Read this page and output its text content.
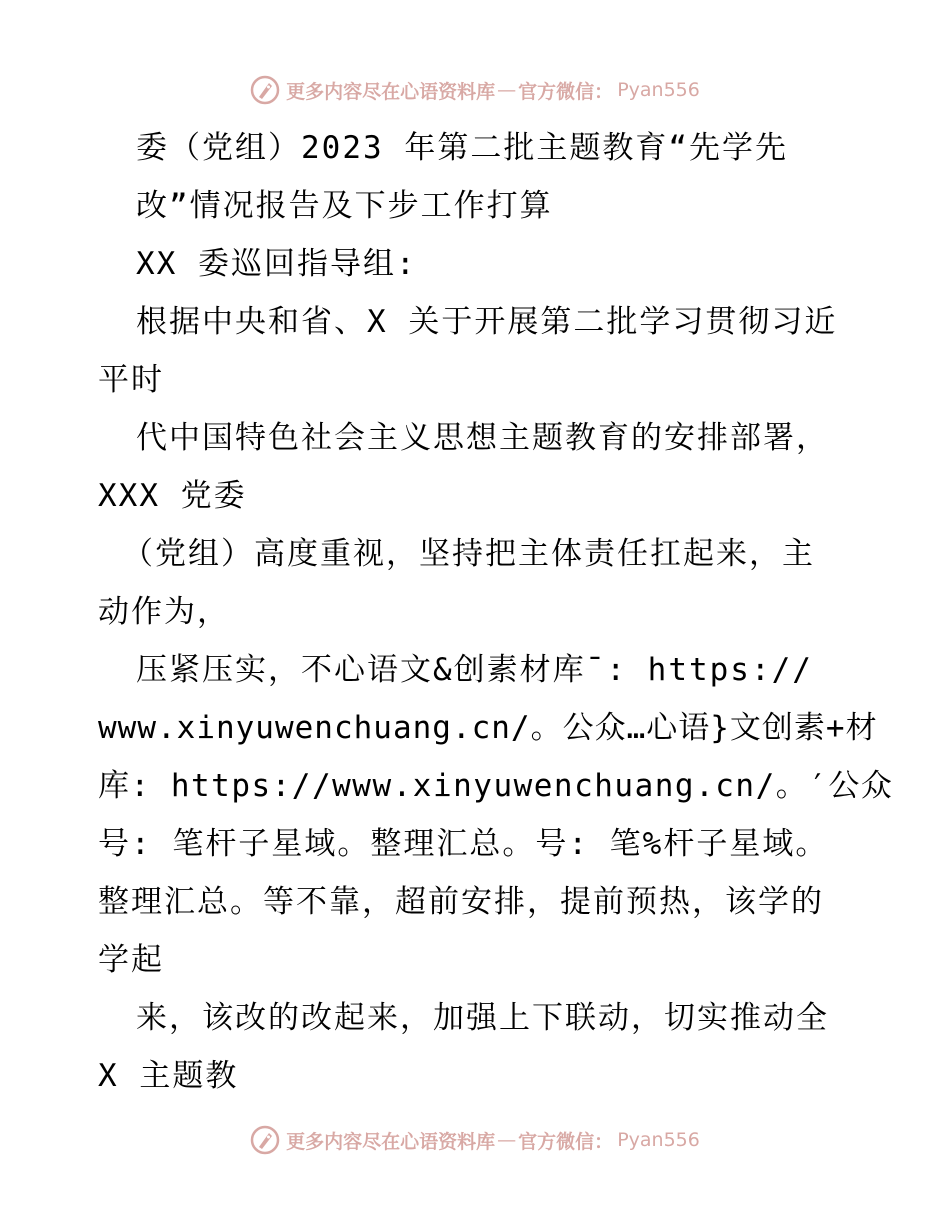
更多内容尽在心语资料库 — 官方微信： Pyan556
委（党组）2023 年第二批主题教育“先学先
改”情况报告及下步工作打算
XX 委巡回指导组:
根据中央和省、X 关于开展第二批学习贯彻习近
平时
代中国特色社会主义思想主题教育的安排部署，
XXX 党委
（党组）高度重视，坚持把主体责任扛起来，主
动作为，
压紧压实，不心语文&创素材库¯: https://
www.xinyuwenchuang.cn/。公众…心语}文创素+材
库: https://www.xinyuwenchuang.cn/。′公众
号: 笔杆子星域。整理汇总。号: 笔%杆子星域。
整理汇总。等不靠，超前安排，提前预热，该学的
学起
来，该改的改起来，加强上下联动，切实推动全
X 主题教
更多内容尽在心语资料库 — 官方微信： Pyan556
